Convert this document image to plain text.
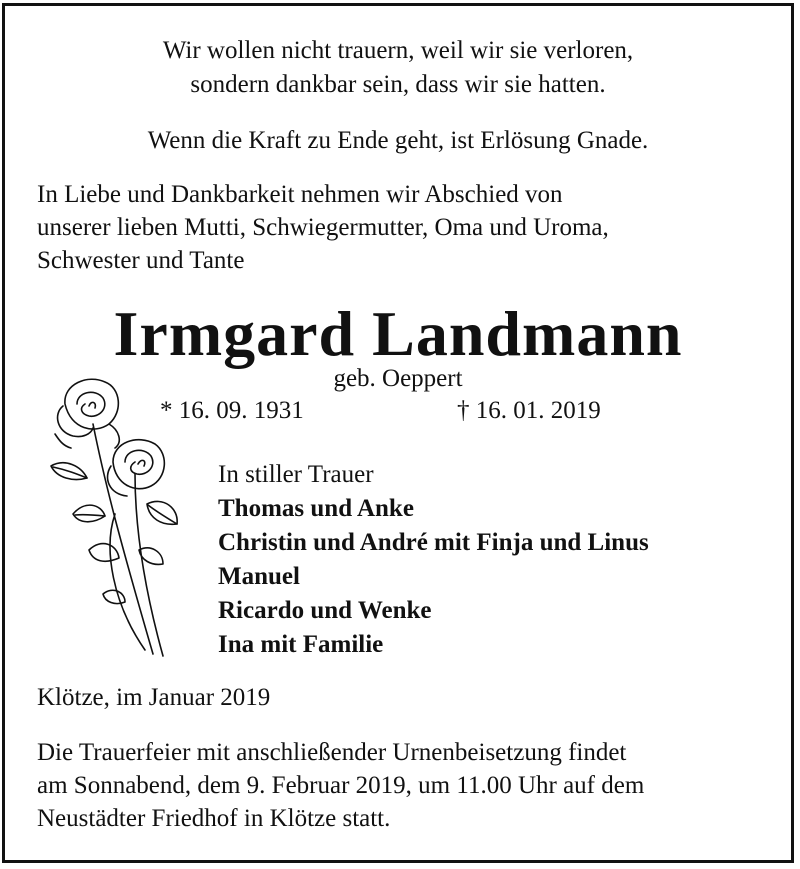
Wir wollen nicht trauern, weil wir sie verloren,
sondern dankbar sein, dass wir sie hatten.
Wenn die Kraft zu Ende geht, ist Erlösung Gnade.
In Liebe und Dankbarkeit nehmen wir Abschied von
unserer lieben Mutti, Schwiegermutter, Oma und Uroma,
Schwester und Tante
Irmgard Landmann
geb. Oeppert
* 16. 09. 1931	† 16. 01. 2019
In stiller Trauer
Thomas und Anke
Christin und André mit Finja und Linus
Manuel
Ricardo und Wenke
Ina mit Familie
Klötze, im Januar 2019
Die Trauerfeier mit anschließender Urnenbeisetzung findet
am Sonnabend, dem 9. Februar 2019, um 11.00 Uhr auf dem
Neustädter Friedhof in Klötze statt.
